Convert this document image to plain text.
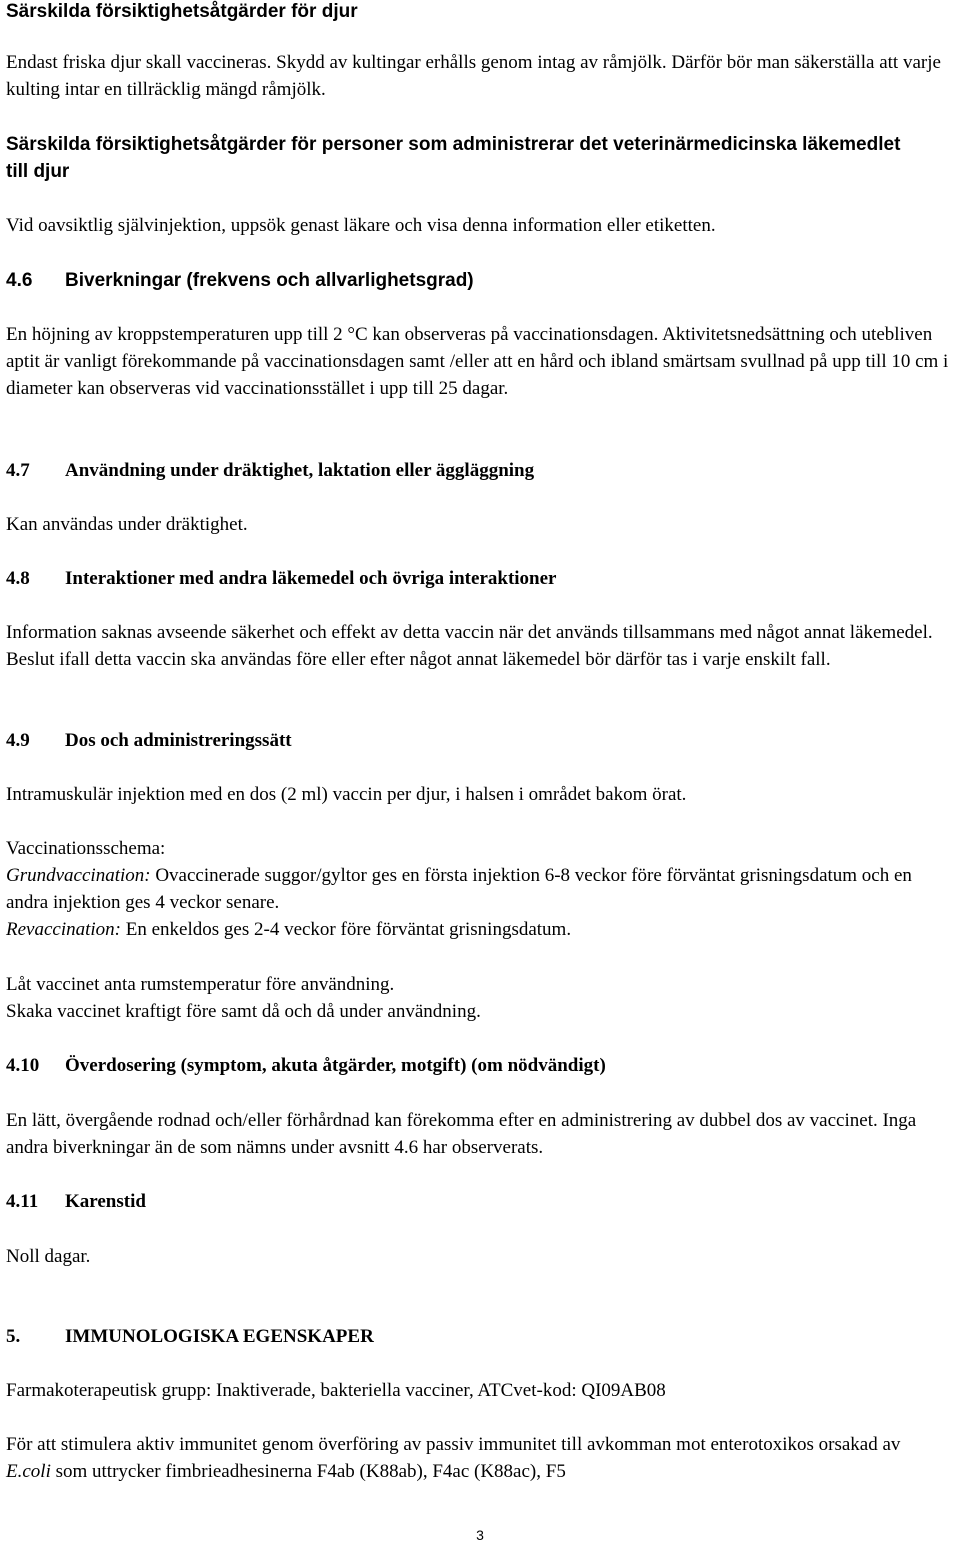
Särskilda försiktighetsåtgärder för djur

Endast friska djur skall vaccineras. Skydd av kultingar erhålls genom intag av råmjölk. Därför bör man säkerställa att varje kulting intar en tillräcklig mängd råmjölk.

Särskilda försiktighetsåtgärder för personer som administrerar det veterinärmedicinska läkemedlet till djur

Vid oavsiktlig självinjektion, uppsök genast läkare och visa denna information eller etiketten.

4.6 Biverkningar (frekvens och allvarlighetsgrad)

En höjning av kroppstemperaturen upp till 2 °C kan observeras på vaccinationsdagen. Aktivitetsnedsättning och utebliven aptit är vanligt förekommande på vaccinationsdagen samt /eller att en hård och ibland smärtsam svullnad på upp till 10 cm i diameter kan observeras vid vaccinationsstället i upp till 25 dagar.

4.7 Användning under dräktighet, laktation eller äggläggning

Kan användas under dräktighet.

4.8 Interaktioner med andra läkemedel och övriga interaktioner

Information saknas avseende säkerhet och effekt av detta vaccin när det används tillsammans med något annat läkemedel. Beslut ifall detta vaccin ska användas före eller efter något annat läkemedel bör därför tas i varje enskilt fall.

4.9 Dos och administreringssätt

Intramuskulär injektion med en dos (2 ml) vaccin per djur, i halsen i området bakom örat.

Vaccinationsschema:

Grundvaccination: Ovaccinerade suggor/gyltor ges en första injektion 6-8 veckor före förväntat grisningsdatum och en andra injektion ges 4 veckor senare.

Revaccination: En enkeldos ges 2-4 veckor före förväntat grisningsdatum.

Låt vaccinet anta rumstemperatur före användning.

Skaka vaccinet kraftigt före samt då och då under användning.

4.10 Överdosering (symptom, akuta åtgärder, motgift) (om nödvändigt)

En lätt, övergående rodnad och/eller förhårdnad kan förekomma efter en administrering av dubbel dos av vaccinet. Inga andra biverkningar än de som nämns under avsnitt 4.6 har observerats.

4.11 Karenstid

Noll dagar.

5. IMMUNOLOGISKA EGENSKAPER

Farmakoterapeutisk grupp: Inaktiverade, bakteriella vacciner, ATCvet-kod: QI09AB08

För att stimulera aktiv immunitet genom överföring av passiv immunitet till avkomman mot enterotoxikos orsakad av E.coli som uttrycker fimbrieadhesinerna F4ab (K88ab), F4ac (K88ac), F5

3
